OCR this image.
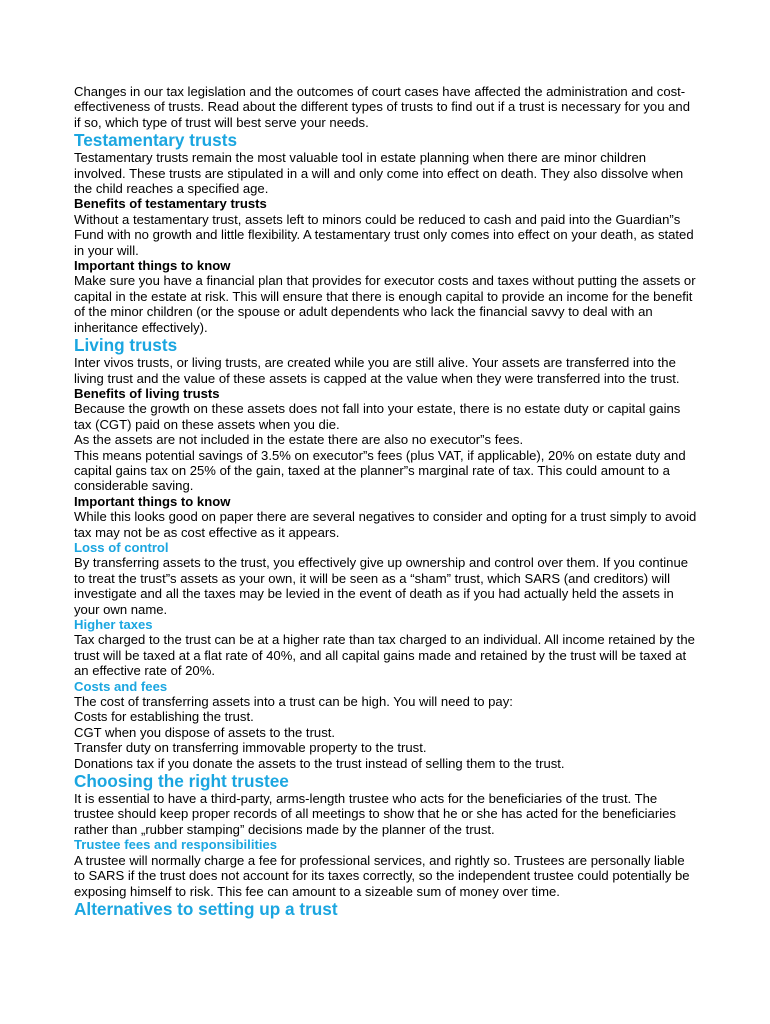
Changes in our tax legislation and the outcomes of court cases have affected the administration and cost-effectiveness of trusts. Read about the different types of trusts to find out if a trust is necessary for you and if so, which type of trust will best serve your needs.

Testamentary trusts

Testamentary trusts remain the most valuable tool in estate planning when there are minor children involved. These trusts are stipulated in a will and only come into effect on death. They also dissolve when the child reaches a specified age.

Benefits of testamentary trusts

Without a testamentary trust, assets left to minors could be reduced to cash and paid into the Guardian”s Fund with no growth and little flexibility. A testamentary trust only comes into effect on your death, as stated in your will.

Important things to know

Make sure you have a financial plan that provides for executor costs and taxes without putting the assets or capital in the estate at risk. This will ensure that there is enough capital to provide an income for the benefit of the minor children (or the spouse or adult dependents who lack the financial savvy to deal with an inheritance effectively).

Living trusts

Inter vivos trusts, or living trusts, are created while you are still alive. Your assets are transferred into the living trust and the value of these assets is capped at the value when they were transferred into the trust.

Benefits of living trusts

Because the growth on these assets does not fall into your estate, there is no estate duty or capital gains tax (CGT) paid on these assets when you die.

As the assets are not included in the estate there are also no executor”s fees.

This means potential savings of 3.5% on executor”s fees (plus VAT, if applicable), 20% on estate duty and capital gains tax on 25% of the gain, taxed at the planner”s marginal rate of tax. This could amount to a considerable saving.

Important things to know

While this looks good on paper there are several negatives to consider and opting for a trust simply to avoid tax may not be as cost effective as it appears.

Loss of control

By transferring assets to the trust, you effectively give up ownership and control over them. If you continue to treat the trust”s assets as your own, it will be seen as a “sham” trust, which SARS (and creditors) will investigate and all the taxes may be levied in the event of death as if you had actually held the assets in your own name.

Higher taxes

Tax charged to the trust can be at a higher rate than tax charged to an individual. All income retained by the trust will be taxed at a flat rate of 40%, and all capital gains made and retained by the trust will be taxed at an effective rate of 20%.

Costs and fees

The cost of transferring assets into a trust can be high. You will need to pay:

Costs for establishing the trust.

CGT when you dispose of assets to the trust.

Transfer duty on transferring immovable property to the trust.

Donations tax if you donate the assets to the trust instead of selling them to the trust.

Choosing the right trustee

It is essential to have a third-party, arms-length trustee who acts for the beneficiaries of the trust. The trustee should keep proper records of all meetings to show that he or she has acted for the beneficiaries rather than „rubber stamping” decisions made by the planner of the trust.

Trustee fees and responsibilities

A trustee will normally charge a fee for professional services, and rightly so. Trustees are personally liable to SARS if the trust does not account for its taxes correctly, so the independent trustee could potentially be exposing himself to risk. This fee can amount to a sizeable sum of money over time.

Alternatives to setting up a trust
